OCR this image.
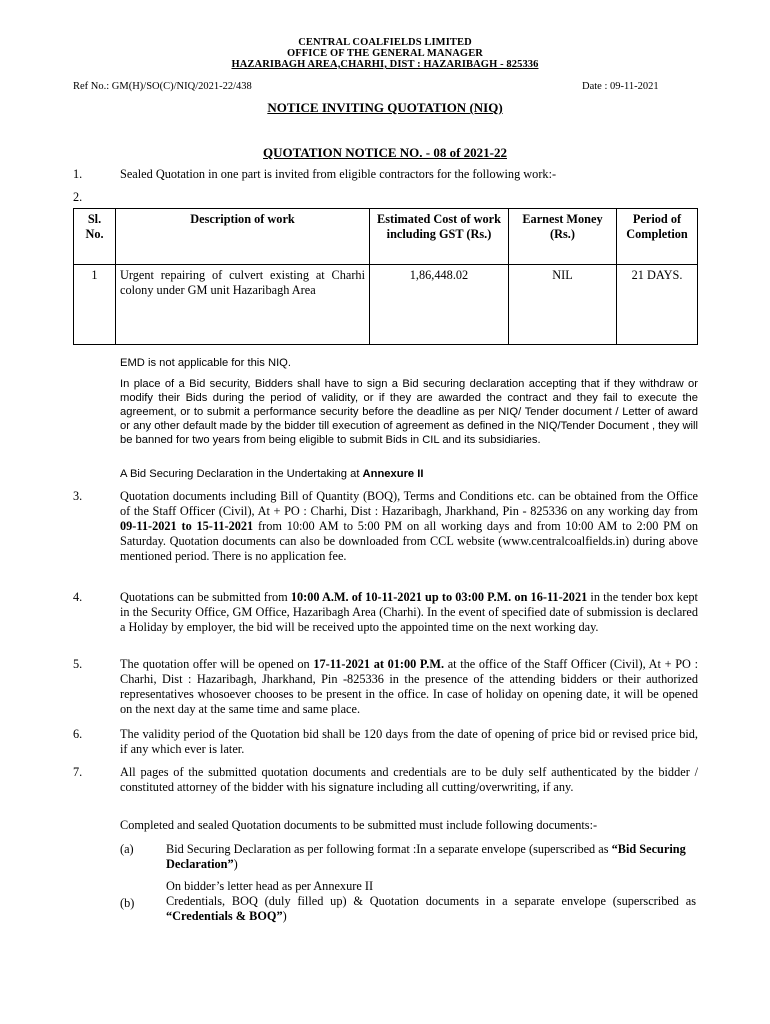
CENTRAL COALFIELDS LIMITED
OFFICE OF THE GENERAL MANAGER
HAZARIBAGH AREA,CHARHI, DIST : HAZARIBAGH - 825336
Ref No.: GM(H)/SO(C)/NIQ/2021-22/438	Date : 09-11-2021
NOTICE INVITING QUOTATION (NIQ)
QUOTATION NOTICE NO. - 08 of 2021-22
1.	Sealed Quotation in one part is invited from eligible contractors for the following work:-
2.
Sl. No.	Description of work	Estimated Cost of work including GST (Rs.)	Earnest Money (Rs.)	Period of Completion
1	Urgent repairing of culvert existing at Charhi colony under GM unit Hazaribagh Area	1,86,448.02	NIL	21 DAYS.
EMD is not applicable for this NIQ.
In place of a Bid security, Bidders shall have to sign a Bid securing declaration accepting that if they withdraw or modify their Bids during the period of validity, or if they are awarded the contract and they fail to execute the agreement, or to submit a performance security before the deadline as per NIQ/ Tender document / Letter of award or any other default made by the bidder till execution of agreement as defined in the NIQ/Tender Document , they will be banned for two years from being eligible to submit Bids in CIL and its subsidiaries.
A Bid Securing Declaration in the Undertaking at Annexure II
3.	Quotation documents including Bill of Quantity (BOQ), Terms and Conditions etc. can be obtained from the Office of the Staff Officer (Civil), At + PO : Charhi, Dist : Hazaribagh, Jharkhand, Pin - 825336 on any working day from 09-11-2021 to 15-11-2021 from 10:00 AM to 5:00 PM on all working days and from 10:00 AM to 2:00 PM on Saturday. Quotation documents can also be downloaded from CCL website (www.centralcoalfields.in) during above mentioned period. There is no application fee.
4.	Quotations can be submitted from 10:00 A.M. of 10-11-2021 up to 03:00 P.M. on 16-11-2021 in the tender box kept in the Security Office, GM Office, Hazaribagh Area (Charhi). In the event of specified date of submission is declared a Holiday by employer, the bid will be received upto the appointed time on the next working day.
5.	The quotation offer will be opened on 17-11-2021 at 01:00 P.M. at the office of the Staff Officer (Civil), At + PO : Charhi, Dist : Hazaribagh, Jharkhand, Pin -825336 in the presence of the attending bidders or their authorized representatives whosoever chooses to be present in the office. In case of holiday on opening date, it will be opened on the next day at the same time and same place.
6.	The validity period of the Quotation bid shall be 120 days from the date of opening of price bid or revised price bid, if any which ever is later.
7.	All pages of the submitted quotation documents and credentials are to be duly self authenticated by the bidder / constituted attorney of the bidder with his signature including all cutting/overwriting, if any.
Completed and sealed Quotation documents to be submitted must include following documents:-
(a)	Bid Securing Declaration as per following format :In a separate envelope (superscribed as “Bid Securing Declaration”)
On bidder’s letter head as per Annexure II
(b)	Credentials, BOQ (duly filled up) & Quotation documents in a separate envelope (superscribed as “Credentials & BOQ”)
